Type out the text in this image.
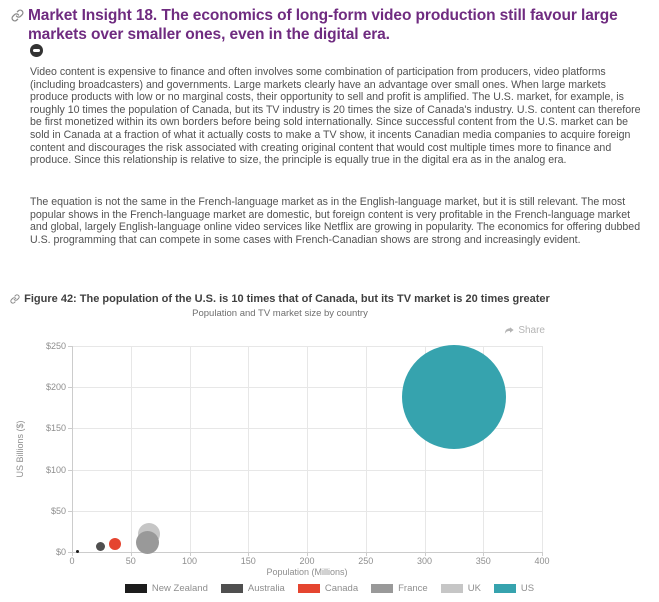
Market Insight 18. The economics of long-form video production still favour large markets over smaller ones, even in the digital era.

Video content is expensive to finance and often involves some combination of participation from producers, video platforms (including broadcasters) and governments. Large markets clearly have an advantage over small ones. When large markets produce products with low or no marginal costs, their opportunity to sell and profit is amplified. The U.S. market, for example, is roughly 10 times the population of Canada, but its TV industry is 20 times the size of Canada's industry. U.S. content can therefore be first monetized within its own borders before being sold internationally. Since successful content from the U.S. market can be sold in Canada at a fraction of what it actually costs to make a TV show, it incents Canadian media companies to acquire foreign content and discourages the risk associated with creating original content that would cost multiple times more to finance and produce. Since this relationship is relative to size, the principle is equally true in the digital era as in the analog era.

The equation is not the same in the French-language market as in the English-language market, but it is still relevant. The most popular shows in the French-language market are domestic, but foreign content is very profitable in the French-language market and global, largely English-language online video services like Netflix are growing in popularity. The economics for offering dubbed U.S. programming that can compete in some cases with French-Canadian shows are strong and increasingly evident.

Figure 42: The population of the U.S. is 10 times that of Canada, but its TV market is 20 times greater
Population and TV market size by country
Share
US Billions ($)
$0
$50
$100
$150
$200
$250
0	50	100	150	200	250	300	350	400
Population (Millions)
New Zealand	Australia	Canada	France	UK	US
